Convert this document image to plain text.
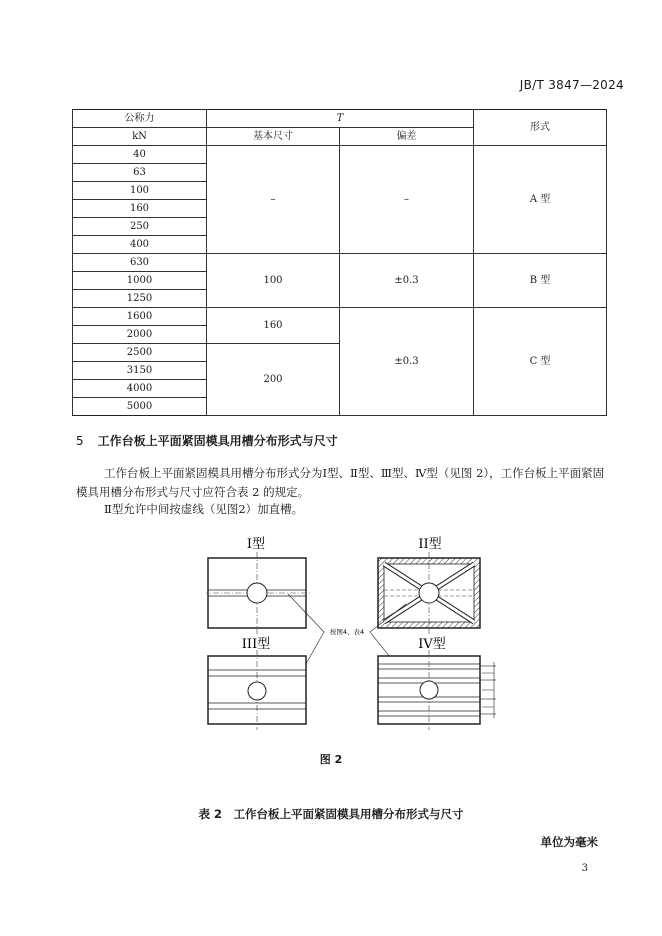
JB/T 3847—2024
公称力	T		形式
kN	基本尺寸	偏差	
40	–	–	A 型
63			
100			
160			
250			
400			
630	100	±0.3	B 型
1000			
1250			
1600	160	±0.3	C 型
2000			
2500	200		
3150			
4000			
5000			
5 工作台板上平面紧固模具用槽分布形式与尺寸
工作台板上平面紧固模具用槽分布形式分为Ⅰ型、Ⅱ型、Ⅲ型、Ⅳ型（见图 2），工作台板上平面紧固模具用槽分布形式与尺寸应符合表 2 的规定。
Ⅱ型允许中间按虚线（见图2）加直槽。
I型	II型
按图4、表4
III型	IV型
图 2
表 2　工作台板上平面紧固模具用槽分布形式与尺寸
单位为毫米
3
